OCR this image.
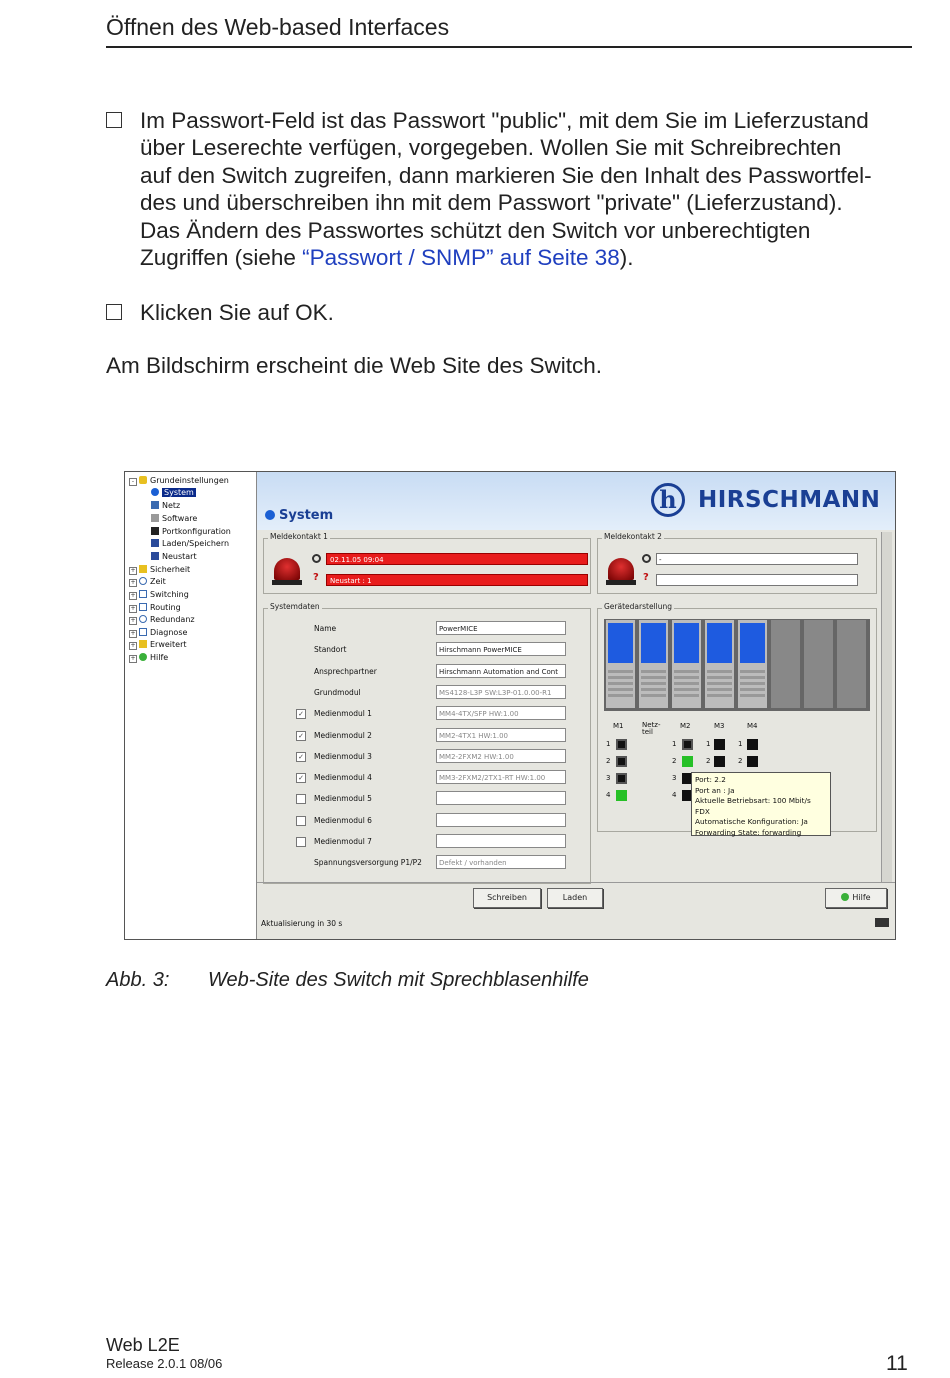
Öffnen des Web-based Interfaces
Im Passwort-Feld ist das Passwort "public", mit dem Sie im Lieferzustand
über Leserechte verfügen, vorgegeben. Wollen Sie mit Schreibrechten
auf den Switch zugreifen, dann markieren Sie den Inhalt des Passwortfel-
des und überschreiben ihn mit dem Passwort "private" (Lieferzustand).
Das Ändern des Passwortes schützt den Switch vor unberechtigten
Zugriffen (siehe “Passwort / SNMP” auf Seite 38).
Klicken Sie auf OK.
Am Bildschirm erscheint die Web Site des Switch.
- Grundeinstellungen
System
Netz
Software
Portkonfiguration
Laden/Speichern
Neustart
+ Sicherheit
+ Zeit
+ Switching
+ Routing
+ Redundanz
+ Diagnose
+ Erweitert
+ Hilfe
h HIRSCHMANN
System
Meldekontakt 1
?
02.11.05 09:04
Neustart : 1
Meldekontakt 2
?
-
Systemdaten
Name	PowerMICE
Standort	Hirschmann PowerMICE
Ansprechpartner	Hirschmann Automation and Cont
Grundmodul	MS4128-L3P SW:L3P-01.0.00-R1
✓ Medienmodul 1	MM4-4TX/SFP HW:1.00
✓ Medienmodul 2	MM2-4TX1 HW:1.00
✓ Medienmodul 3	MM2-2FXM2 HW:1.00
✓ Medienmodul 4	MM3-2FXM2/2TX1-RT HW:1.00
Medienmodul 5
Medienmodul 6
Medienmodul 7
Spannungsversorgung P1/P2	Defekt / vorhanden
Gerätedarstellung
M1	Netz-
teil
M2	M3	M4
1
2
3
4
1
2
3
4
1
2
1
2
Port: 2.2
Port an : Ja
Aktuelle Betriebsart: 100 Mbit/s FDX
Automatische Konfiguration: Ja
Forwarding State: forwarding
Schreiben	Laden	Hilfe
Aktualisierung in 30 s
Abb. 3: Web-Site des Switch mit Sprechblasenhilfe
Web L2E
Release 2.0.1 08/06	11
